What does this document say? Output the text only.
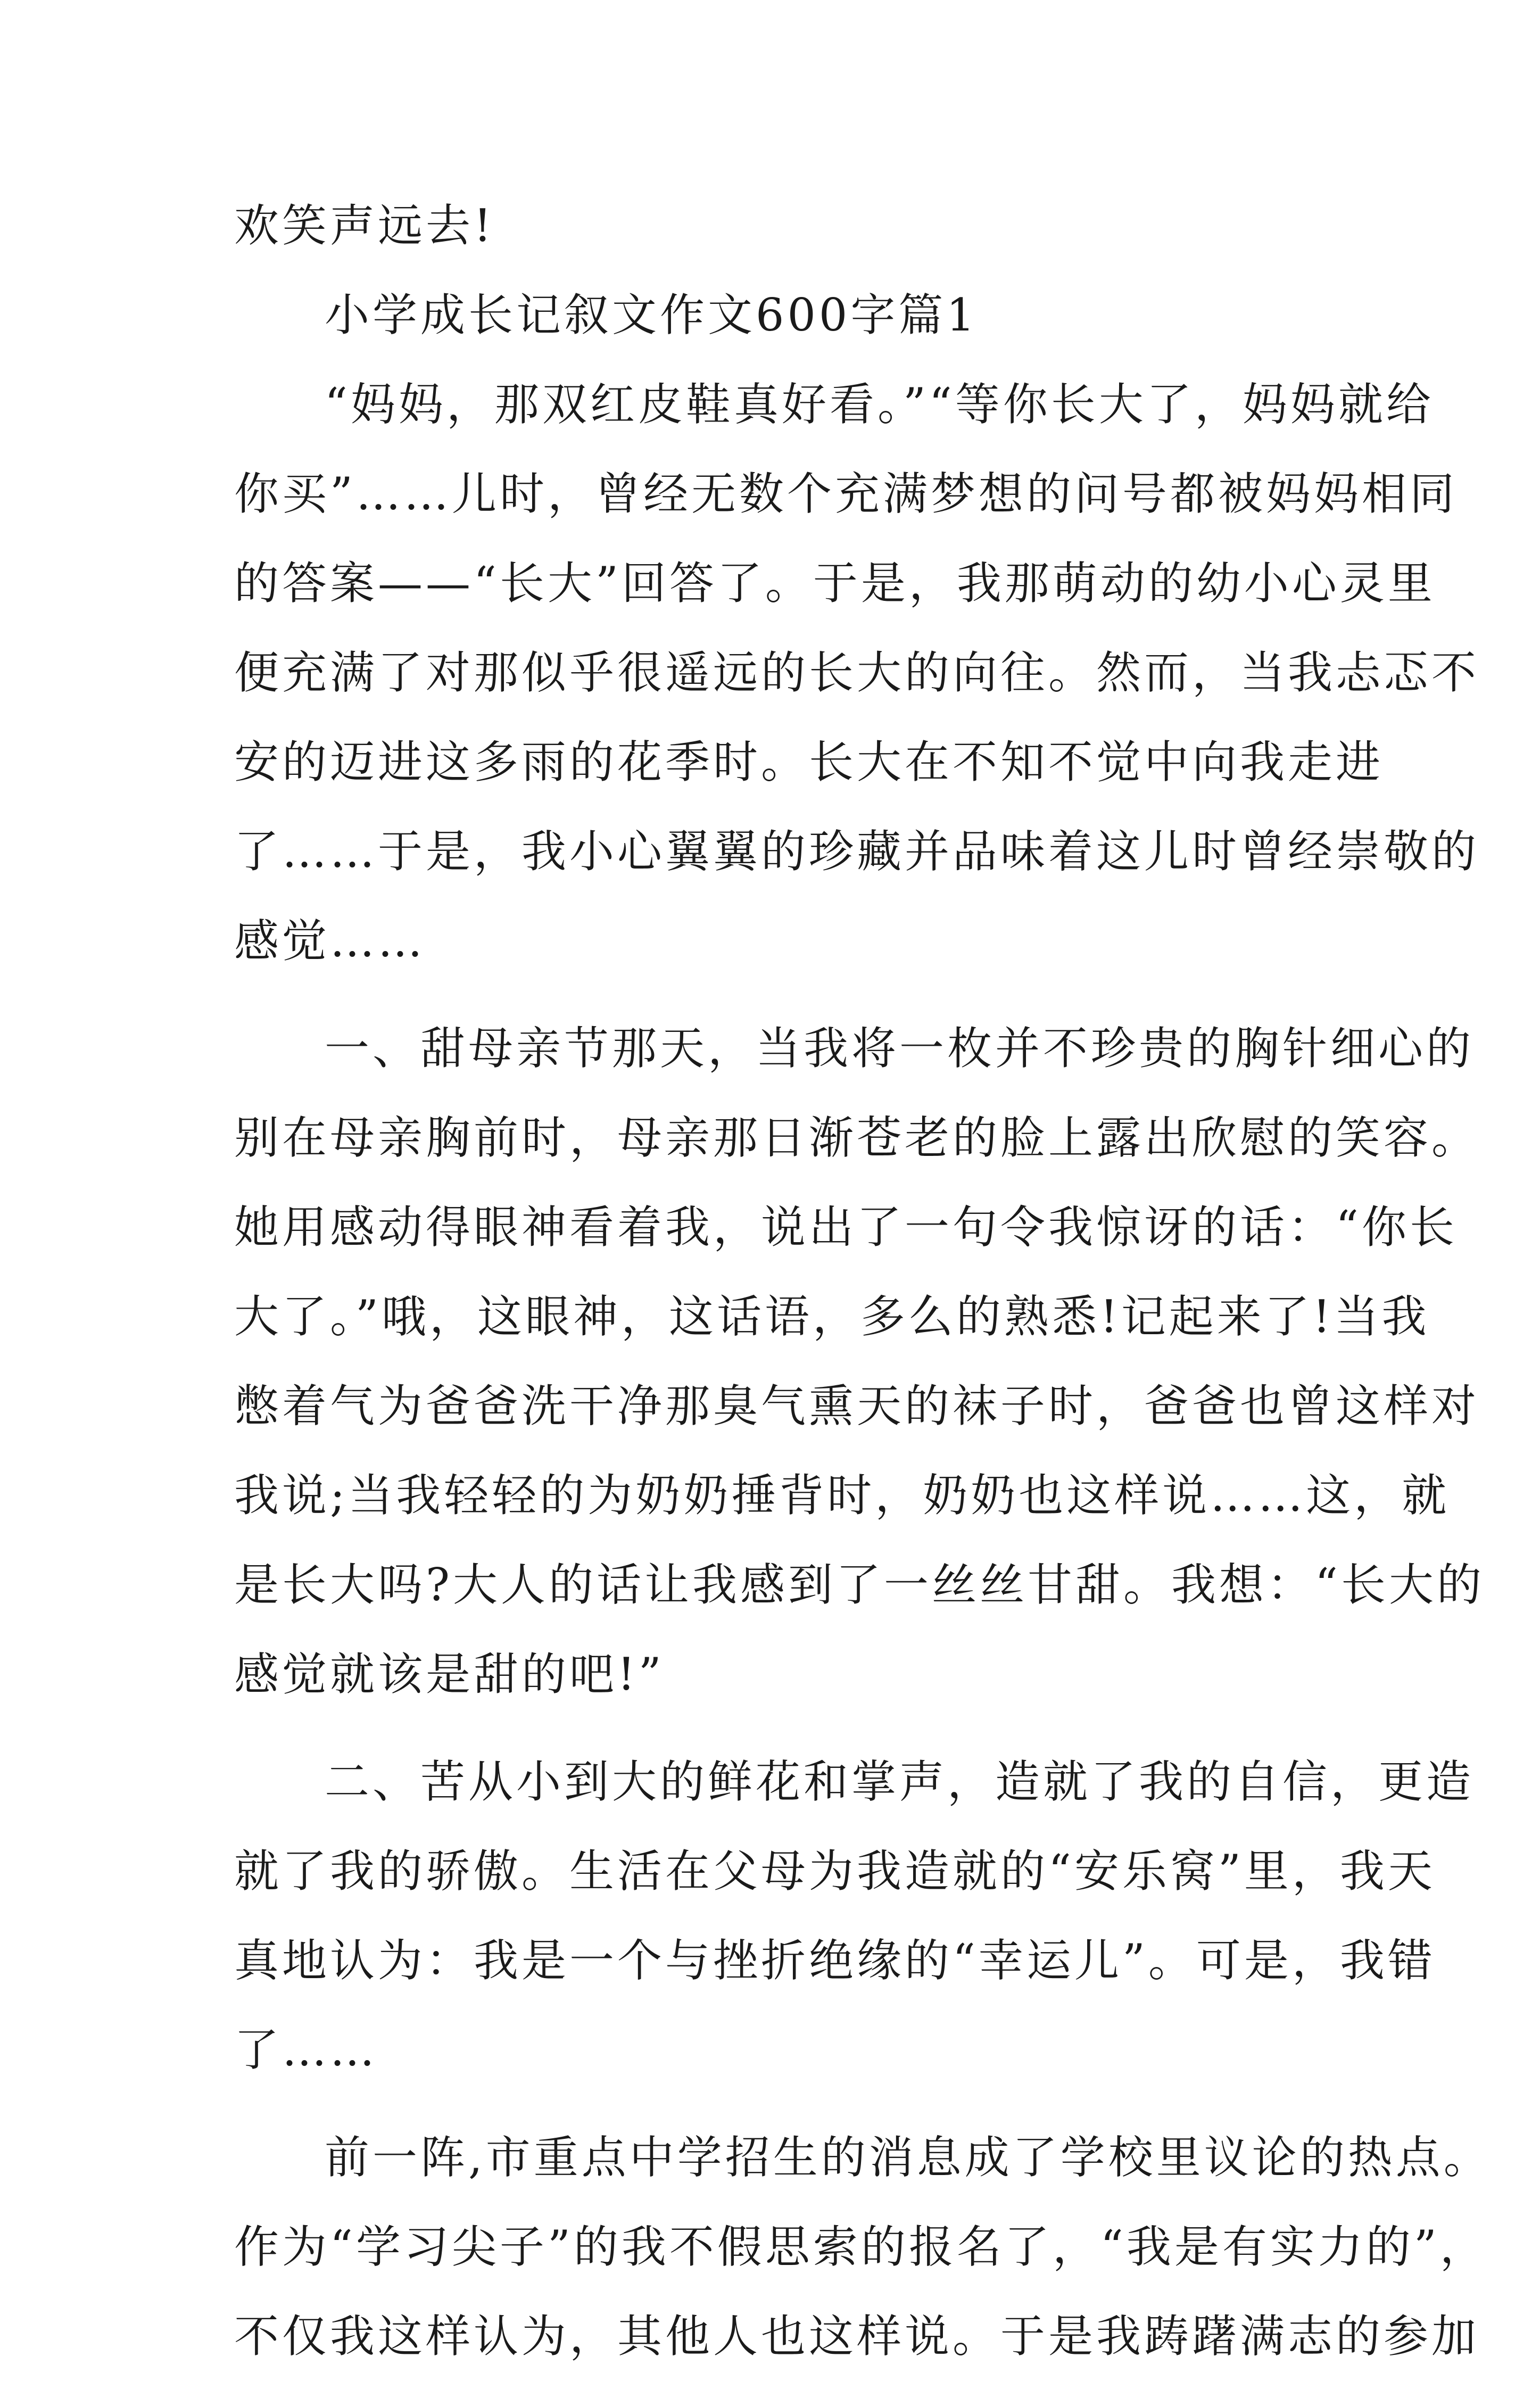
欢笑声远去!
小学成长记叙文作文600字篇1
“妈妈，那双红皮鞋真好看。”“等你长大了，妈妈就给
你买”……儿时，曾经无数个充满梦想的问号都被妈妈相同
的答案——“长大”回答了。于是，我那萌动的幼小心灵里
便充满了对那似乎很遥远的长大的向往。然而，当我忐忑不
安的迈进这多雨的花季时。长大在不知不觉中向我走进
了……于是，我小心翼翼的珍藏并品味着这儿时曾经崇敬的
感觉……
一、甜母亲节那天，当我将一枚并不珍贵的胸针细心的
别在母亲胸前时，母亲那日渐苍老的脸上露出欣慰的笑容。
她用感动得眼神看着我，说出了一句令我惊讶的话：“你长
大了。”哦，这眼神，这话语，多么的熟悉!记起来了!当我
憋着气为爸爸洗干净那臭气熏天的袜子时，爸爸也曾这样对
我说;当我轻轻的为奶奶捶背时，奶奶也这样说……这，就
是长大吗?大人的话让我感到了一丝丝甘甜。我想：“长大的
感觉就该是甜的吧!”
二、苦从小到大的鲜花和掌声，造就了我的自信，更造
就了我的骄傲。生活在父母为我造就的“安乐窝”里，我天
真地认为：我是一个与挫折绝缘的“幸运儿”。可是，我错
了……
前一阵,市重点中学招生的消息成了学校里议论的热点。
作为“学习尖子”的我不假思索的报名了，“我是有实力的”，
不仅我这样认为，其他人也这样说。于是我踌躇满志的参加
